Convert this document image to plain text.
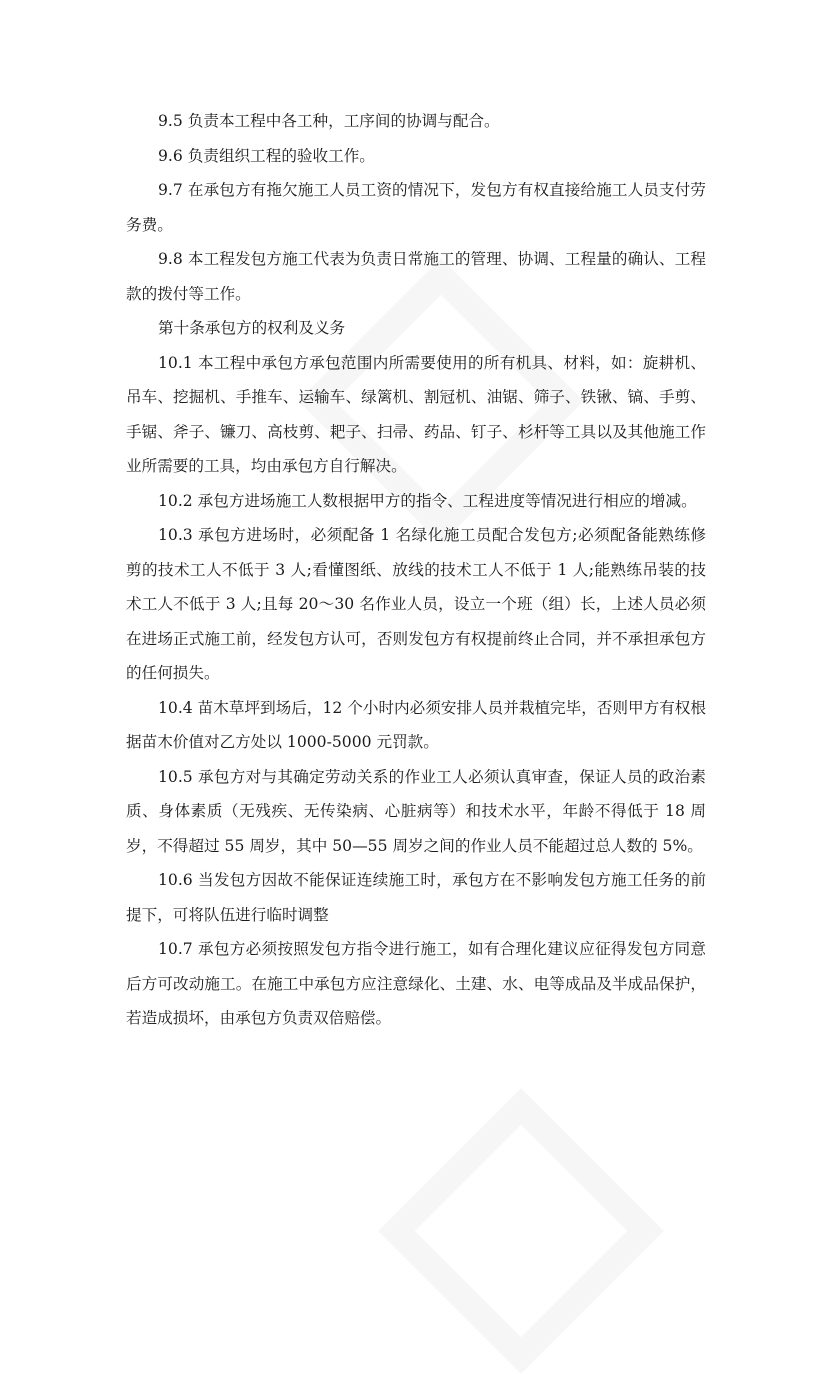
9.5 负责本工程中各工种，工序间的协调与配合。

9.6 负责组织工程的验收工作。

9.7 在承包方有拖欠施工人员工资的情况下，发包方有权直接给施工人员支付劳务费。

9.8 本工程发包方施工代表为负责日常施工的管理、协调、工程量的确认、工程款的拨付等工作。

第十条承包方的权利及义务

10.1 本工程中承包方承包范围内所需要使用的所有机具、材料，如：旋耕机、吊车、挖掘机、手推车、运输车、绿篱机、割冠机、油锯、筛子、铁锹、镐、手剪、手锯、斧子、镰刀、高枝剪、耙子、扫帚、药品、钉子、杉杆等工具以及其他施工作业所需要的工具，均由承包方自行解决。

10.2 承包方进场施工人数根据甲方的指令、工程进度等情况进行相应的增减。

10.3 承包方进场时，必须配备 1 名绿化施工员配合发包方;必须配备能熟练修剪的技术工人不低于 3 人;看懂图纸、放线的技术工人不低于 1 人;能熟练吊装的技术工人不低于 3 人;且每 20～30 名作业人员，设立一个班（组）长，上述人员必须在进场正式施工前，经发包方认可，否则发包方有权提前终止合同，并不承担承包方的任何损失。

10.4 苗木草坪到场后，12 个小时内必须安排人员并栽植完毕，否则甲方有权根据苗木价值对乙方处以 1000-5000 元罚款。

10.5 承包方对与其确定劳动关系的作业工人必须认真审查，保证人员的政治素质、身体素质（无残疾、无传染病、心脏病等）和技术水平，年龄不得低于 18 周岁，不得超过 55 周岁，其中 50—55 周岁之间的作业人员不能超过总人数的 5%。

10.6 当发包方因故不能保证连续施工时，承包方在不影响发包方施工任务的前提下，可将队伍进行临时调整

10.7 承包方必须按照发包方指令进行施工，如有合理化建议应征得发包方同意后方可改动施工。在施工中承包方应注意绿化、土建、水、电等成品及半成品保护，若造成损坏，由承包方负责双倍赔偿。
